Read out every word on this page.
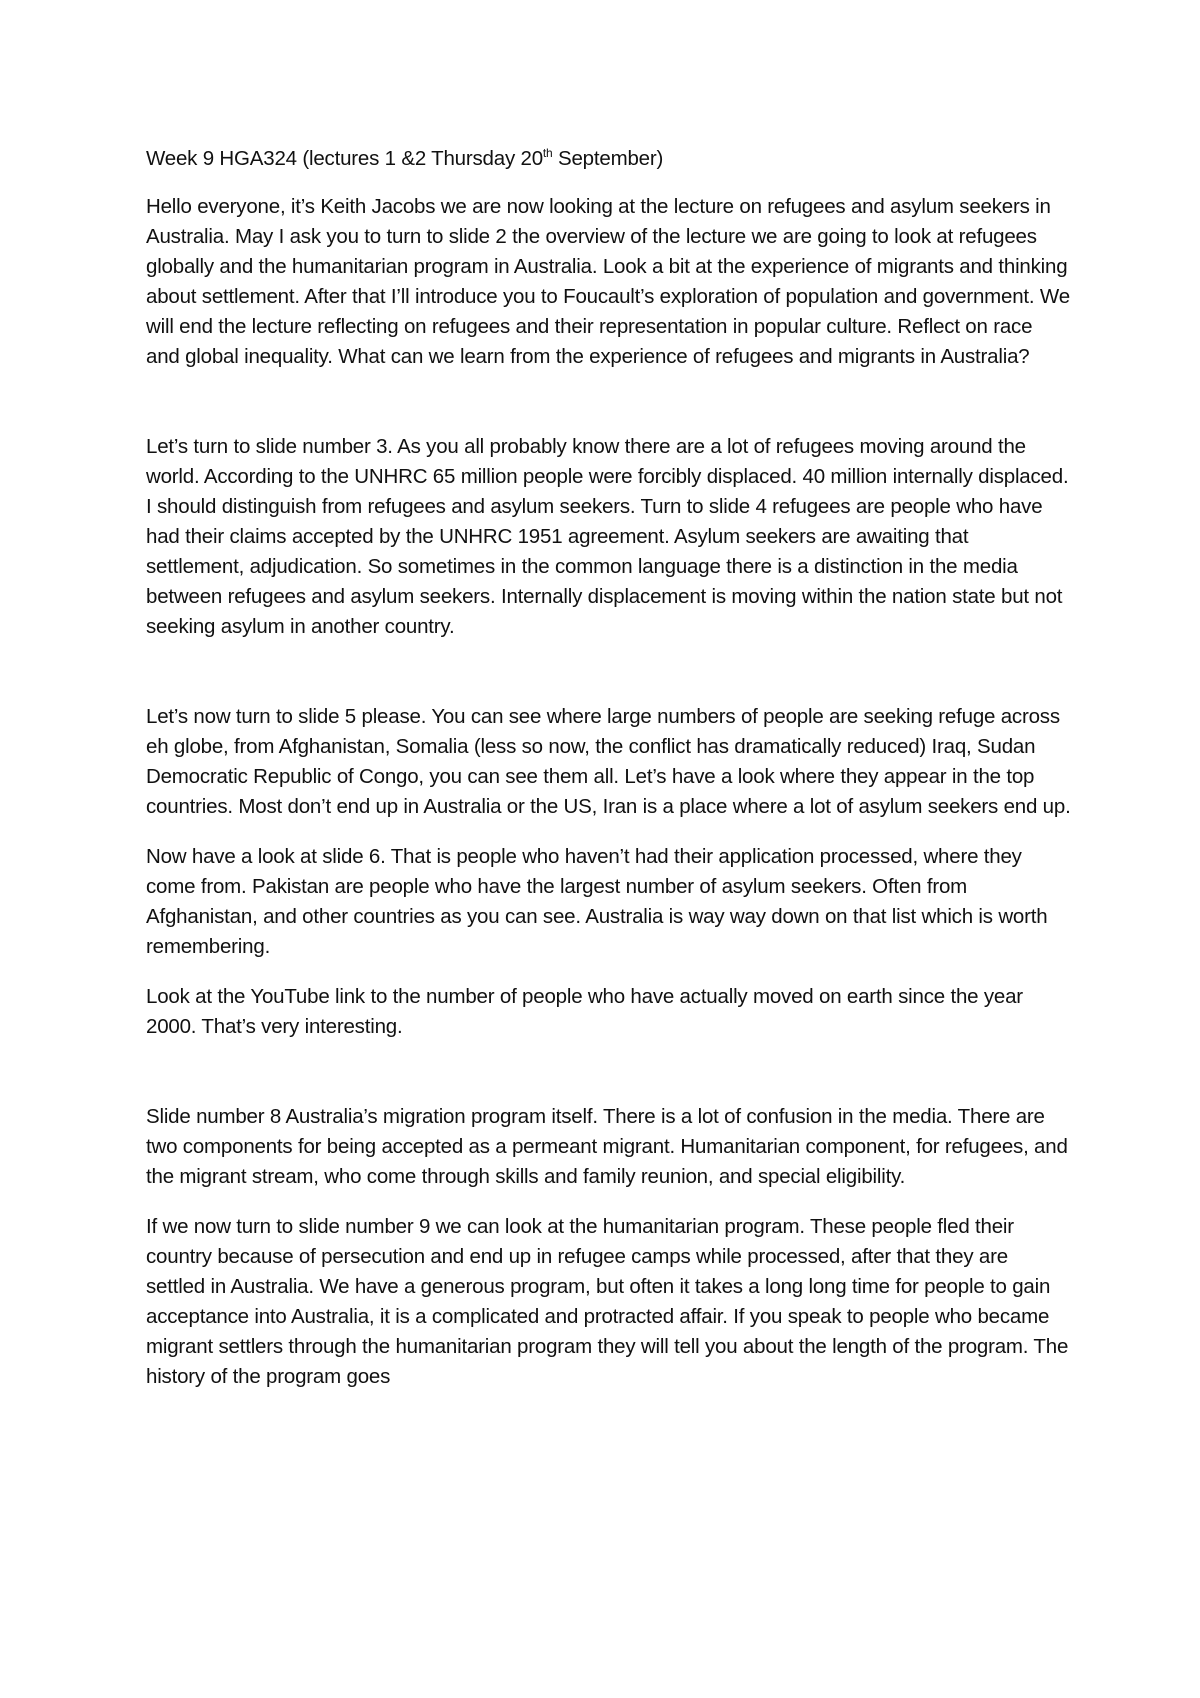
Week 9 HGA324 (lectures 1 &2 Thursday 20th September)

Hello everyone, it’s Keith Jacobs we are now looking at the lecture on refugees and asylum seekers in Australia. May I ask you to turn to slide 2 the overview of the lecture we are going to look at refugees globally and the humanitarian program in Australia. Look a bit at the experience of migrants and thinking about settlement. After that I’ll introduce you to Foucault’s exploration of population and government. We will end the lecture reflecting on refugees and their representation in popular culture. Reflect on race and global inequality. What can we learn from the experience of refugees and migrants in Australia?

Let’s turn to slide number 3. As you all probably know there are a lot of refugees moving around the world. According to the UNHRC 65 million people were forcibly displaced. 40 million internally displaced. I should distinguish from refugees and asylum seekers. Turn to slide 4 refugees are people who have had their claims accepted by the UNHRC 1951 agreement. Asylum seekers are awaiting that settlement, adjudication. So sometimes in the common language there is a distinction in the media between refugees and asylum seekers. Internally displacement is moving within the nation state but not seeking asylum in another country.

Let’s now turn to slide 5 please. You can see where large numbers of people are seeking refuge across eh globe, from Afghanistan, Somalia (less so now, the conflict has dramatically reduced) Iraq, Sudan Democratic Republic of Congo, you can see them all. Let’s have a look where they appear in the top countries. Most don’t end up in Australia or the US, Iran is a place where a lot of asylum seekers end up.

Now have a look at slide 6. That is people who haven’t had their application processed, where they come from. Pakistan are people who have the largest number of asylum seekers. Often from Afghanistan, and other countries as you can see. Australia is way way down on that list which is worth remembering.

Look at the YouTube link to the number of people who have actually moved on earth since the year 2000. That’s very interesting.

Slide number 8 Australia’s migration program itself. There is a lot of confusion in the media. There are two components for being accepted as a permeant migrant. Humanitarian component, for refugees, and the migrant stream, who come through skills and family reunion, and special eligibility.

If we now turn to slide number 9 we can look at the humanitarian program. These people fled their country because of persecution and end up in refugee camps while processed, after that they are settled in Australia. We have a generous program, but often it takes a long long time for people to gain acceptance into Australia, it is a complicated and protracted affair. If you speak to people who became migrant settlers through the humanitarian program they will tell you about the length of the program. The history of the program goes
